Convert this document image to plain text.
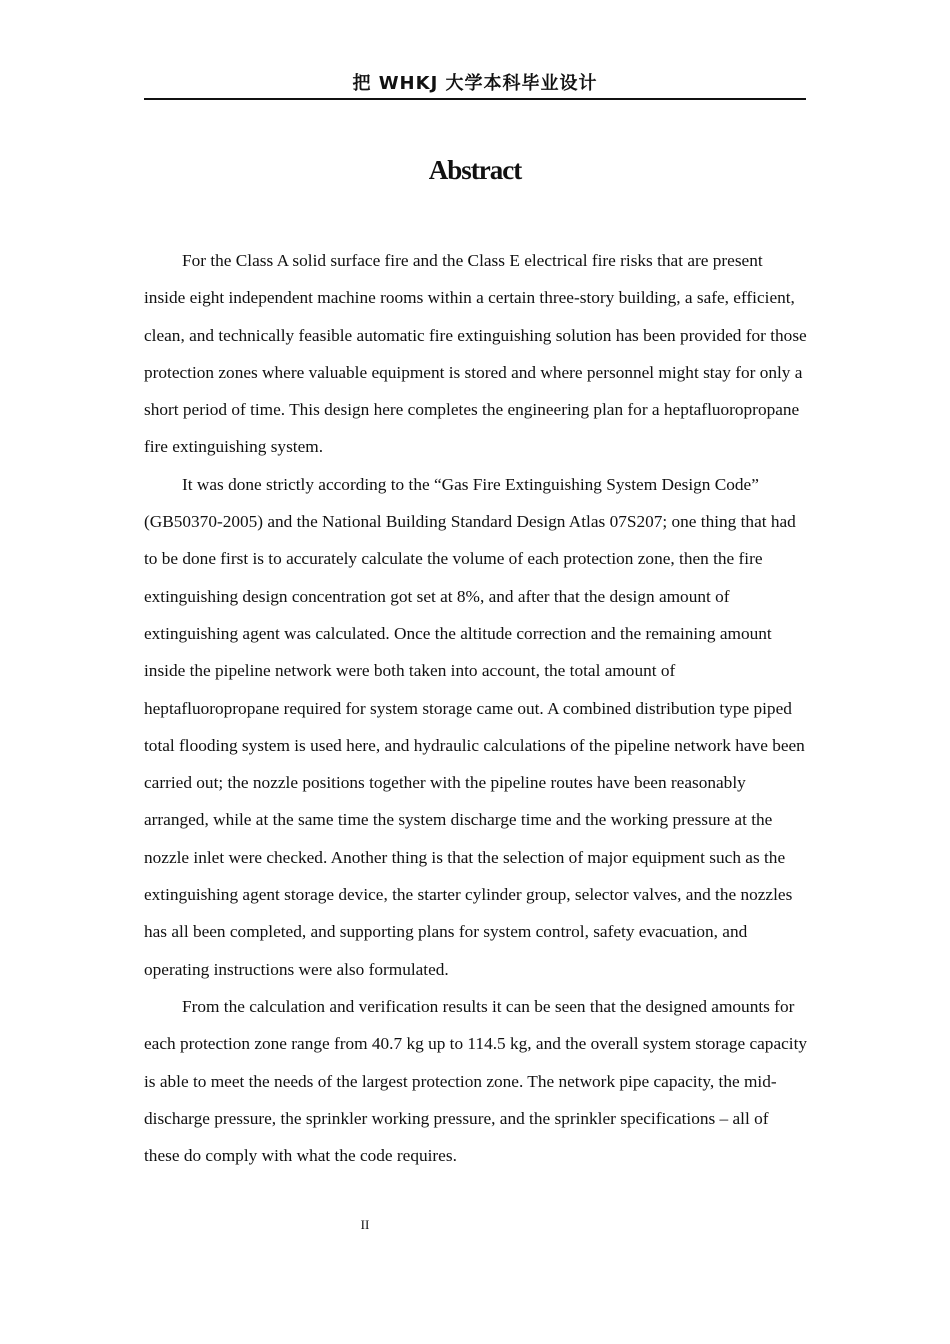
把 WHKJ 大学本科毕业设计
Abstract

For the Class A solid surface fire and the Class E electrical fire risks that are present inside eight independent machine rooms within a certain three-story building, a safe, efficient, clean, and technically feasible automatic fire extinguishing solution has been provided for those protection zones where valuable equipment is stored and where personnel might stay for only a short period of time. This design here completes the engineering plan for a heptafluoropropane fire extinguishing system.

It was done strictly according to the “Gas Fire Extinguishing System Design Code” (GB50370-2005) and the National Building Standard Design Atlas 07S207; one thing that had to be done first is to accurately calculate the volume of each protection zone, then the fire extinguishing design concentration got set at 8%, and after that the design amount of extinguishing agent was calculated. Once the altitude correction and the remaining amount inside the pipeline network were both taken into account, the total amount of heptafluoropropane required for system storage came out. A combined distribution type piped total flooding system is used here, and hydraulic calculations of the pipeline network have been carried out; the nozzle positions together with the pipeline routes have been reasonably arranged, while at the same time the system discharge time and the working pressure at the nozzle inlet were checked. Another thing is that the selection of major equipment such as the extinguishing agent storage device, the starter cylinder group, selector valves, and the nozzles has all been completed, and supporting plans for system control, safety evacuation, and operating instructions were also formulated.

From the calculation and verification results it can be seen that the designed amounts for each protection zone range from 40.7 kg up to 114.5 kg, and the overall system storage capacity is able to meet the needs of the largest protection zone. The network pipe capacity, the mid-discharge pressure, the sprinkler working pressure, and the sprinkler specifications – all of these do comply with what the code requires.

II
